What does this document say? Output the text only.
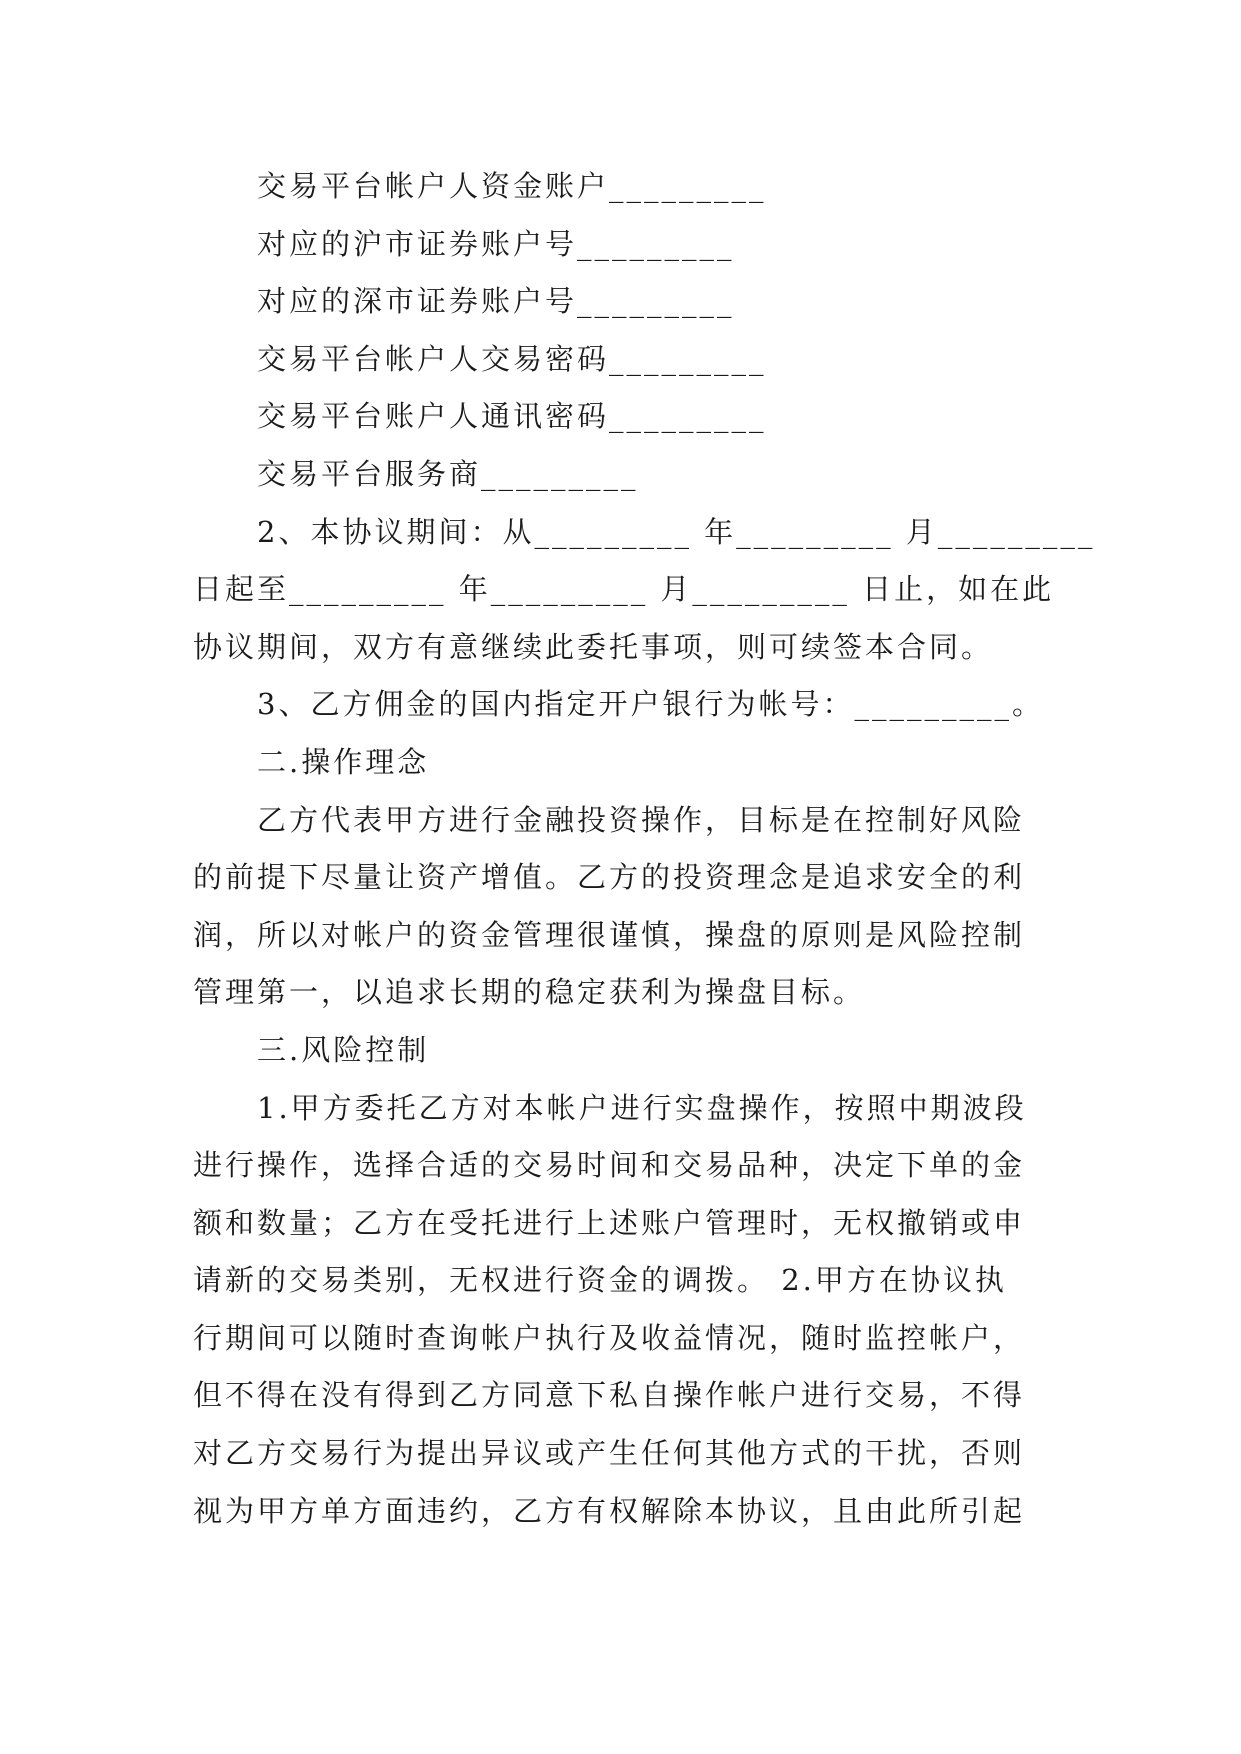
交易平台帐户人资金账户_________

对应的沪市证券账户号_________

对应的深市证券账户号_________

交易平台帐户人交易密码_________

交易平台账户人通讯密码_________

交易平台服务商_________

2、本协议期间：从_________ 年_________ 月_________

日起至_________ 年_________ 月_________ 日止，如在此

协议期间，双方有意继续此委托事项，则可续签本合同。

3、乙方佣金的国内指定开户银行为帐号：_________。

二.操作理念

乙方代表甲方进行金融投资操作，目标是在控制好风险

的前提下尽量让资产增值。乙方的投资理念是追求安全的利

润，所以对帐户的资金管理很谨慎，操盘的原则是风险控制

管理第一，以追求长期的稳定获利为操盘目标。

三.风险控制

1.甲方委托乙方对本帐户进行实盘操作，按照中期波段

进行操作，选择合适的交易时间和交易品种，决定下单的金

额和数量；乙方在受托进行上述账户管理时，无权撤销或申

请新的交易类别，无权进行资金的调拨。 2.甲方在协议执

行期间可以随时查询帐户执行及收益情况，随时监控帐户，

但不得在没有得到乙方同意下私自操作帐户进行交易，不得

对乙方交易行为提出异议或产生任何其他方式的干扰，否则

视为甲方单方面违约，乙方有权解除本协议，且由此所引起
